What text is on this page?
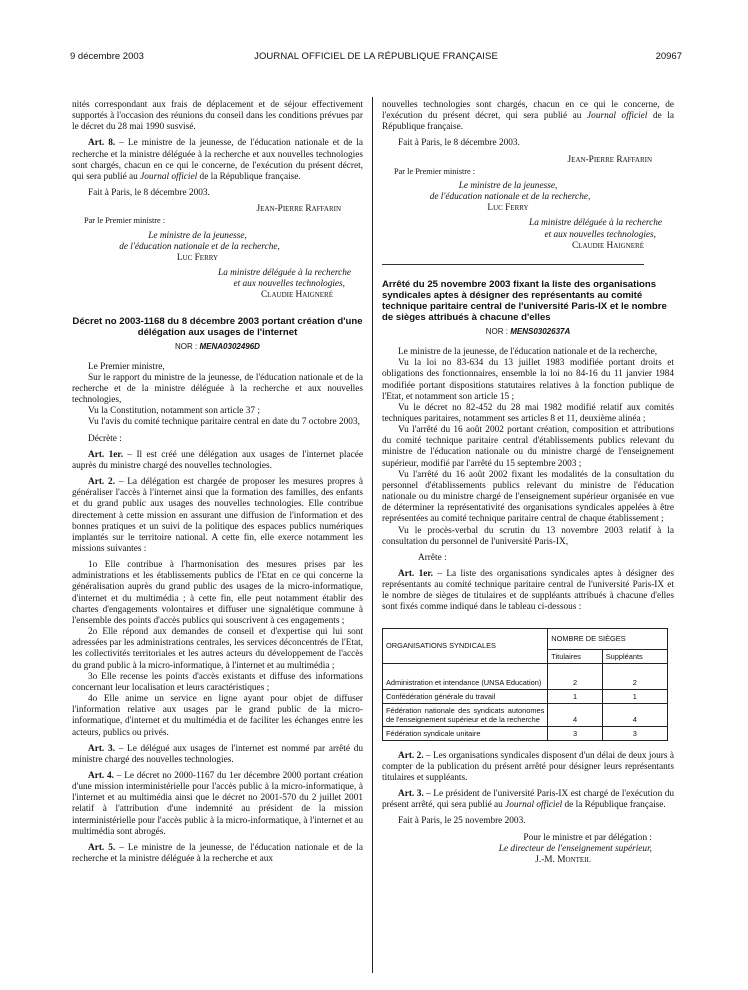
9 décembre 2003	JOURNAL OFFICIEL DE LA RÉPUBLIQUE FRANÇAISE	20967

nités correspondant aux frais de déplacement et de séjour effectivement supportés à l'occasion des réunions du conseil dans les conditions prévues par le décret du 28 mai 1990 susvisé.

Art. 8. – Le ministre de la jeunesse, de l'éducation nationale et de la recherche et la ministre déléguée à la recherche et aux nouvelles technologies sont chargés, chacun en ce qui le concerne, de l'exécution du présent décret, qui sera publié au Journal officiel de la République française.

Fait à Paris, le 8 décembre 2003.

Jean-Pierre Raffarin

Par le Premier ministre :

Le ministre de la jeunesse,

de l'éducation nationale et de la recherche,

Luc Ferry

La ministre déléguée à la recherche

et aux nouvelles technologies,

Claudie Haigneré

Décret no 2003-1168 du 8 décembre 2003 portant création d'une délégation aux usages de l'internet

NOR : MENA0302496D

Le Premier ministre,

Sur le rapport du ministre de la jeunesse, de l'éducation nationale et de la recherche et de la ministre déléguée à la recherche et aux nouvelles technologies,

Vu la Constitution, notamment son article 37 ;

Vu l'avis du comité technique paritaire central en date du 7 octobre 2003,

Décrète :

Art. 1er. – Il est créé une délégation aux usages de l'internet placée auprès du ministre chargé des nouvelles technologies.

Art. 2. – La délégation est chargée de proposer les mesures propres à généraliser l'accès à l'internet ainsi que la formation des familles, des enfants et du grand public aux usages des nouvelles technologies. Elle contribue directement à cette mission en assurant une diffusion de l'information et des bonnes pratiques et un suivi de la politique des espaces publics numériques implantés sur le territoire national. A cette fin, elle exerce notamment les missions suivantes :

1o Elle contribue à l'harmonisation des mesures prises par les administrations et les établissements publics de l'Etat en ce qui concerne la généralisation auprès du grand public des usages de la micro-informatique, d'internet et du multimédia ; à cette fin, elle peut notamment établir des chartes d'engagements volontaires et diffuser une signalétique commune à l'ensemble des points d'accès publics qui souscrivent à ces engagements ;

2o Elle répond aux demandes de conseil et d'expertise qui lui sont adressées par les administrations centrales, les services déconcentrés de l'Etat, les collectivités territoriales et les autres acteurs du développement de l'accès du grand public à la micro-informatique, à l'internet et au multimédia ;

3o Elle recense les points d'accès existants et diffuse des informations concernant leur localisation et leurs caractéristiques ;

4o Elle anime un service en ligne ayant pour objet de diffuser l'information relative aux usages par le grand public de la micro-informatique, d'internet et du multimédia et de faciliter les échanges entre les acteurs, publics ou privés.

Art. 3. – Le délégué aux usages de l'internet est nommé par arrêté du ministre chargé des nouvelles technologies.

Art. 4. – Le décret no 2000-1167 du 1er décembre 2000 portant création d'une mission interministérielle pour l'accès public à la micro-informatique, à l'internet et au multimédia ainsi que le décret no 2001-570 du 2 juillet 2001 relatif à l'attribution d'une indemnité au président de la mission interministérielle pour l'accès public à la micro-informatique, à l'internet et au multimédia sont abrogés.

Art. 5. – Le ministre de la jeunesse, de l'éducation nationale et de la recherche et la ministre déléguée à la recherche et aux

nouvelles technologies sont chargés, chacun en ce qui le concerne, de l'exécution du présent décret, qui sera publié au Journal officiel de la République française.

Fait à Paris, le 8 décembre 2003.

Jean-Pierre Raffarin

Par le Premier ministre :

Le ministre de la jeunesse,

de l'éducation nationale et de la recherche,

Luc Ferry

La ministre déléguée à la recherche

et aux nouvelles technologies,

Claudie Haigneré

Arrêté du 25 novembre 2003 fixant la liste des organisations syndicales aptes à désigner des représentants au comité technique paritaire central de l'université Paris-IX et le nombre de sièges attribués à chacune d'elles

NOR : MENS0302637A

Le ministre de la jeunesse, de l'éducation nationale et de la recherche,

Vu la loi no 83-634 du 13 juillet 1983 modifiée portant droits et obligations des fonctionnaires, ensemble la loi no 84-16 du 11 janvier 1984 modifiée portant dispositions statutaires relatives à la fonction publique de l'Etat, et notamment son article 15 ;

Vu le décret no 82-452 du 28 mai 1982 modifié relatif aux comités techniques paritaires, notamment ses articles 8 et 11, deuxième alinéa ;

Vu l'arrêté du 16 août 2002 portant création, composition et attributions du comité technique paritaire central d'établissements publics relevant du ministre de l'éducation nationale ou du ministre chargé de l'enseignement supérieur, modifié par l'arrêté du 15 septembre 2003 ;

Vu l'arrêté du 16 août 2002 fixant les modalités de la consultation du personnel d'établissements publics relevant du ministre de l'éducation nationale ou du ministre chargé de l'enseignement supérieur organisée en vue de déterminer la représentativité des organisations syndicales appelées à être représentées au comité technique paritaire central de chaque établissement ;

Vu le procès-verbal du scrutin du 13 novembre 2003 relatif à la consultation du personnel de l'université Paris-IX,

Arrête :

Art. 1er. – La liste des organisations syndicales aptes à désigner des représentants au comité technique paritaire central de l'université Paris-IX et le nombre de sièges de titulaires et de suppléants attribués à chacune d'elles sont fixés comme indiqué dans le tableau ci-dessous :

ORGANISATIONS SYNDICALES	NOMBRE DE SIÈGES	
	Titulaires	Suppléants
Administration et intendance (UNSA Education)	2	2
Confédération générale du travail	1	1
Fédération nationale des syndicats autonomes de l'enseignement supérieur et de la recherche	4	4
Fédération syndicale unitaire	3	3

Art. 2. – Les organisations syndicales disposent d'un délai de deux jours à compter de la publication du présent arrêté pour désigner leurs représentants titulaires et suppléants.

Art. 3. – Le président de l'université Paris-IX est chargé de l'exécution du présent arrêté, qui sera publié au Journal officiel de la République française.

Fait à Paris, le 25 novembre 2003.

Pour le ministre et par délégation :

Le directeur de l'enseignement supérieur,

J.-M. Monteil
